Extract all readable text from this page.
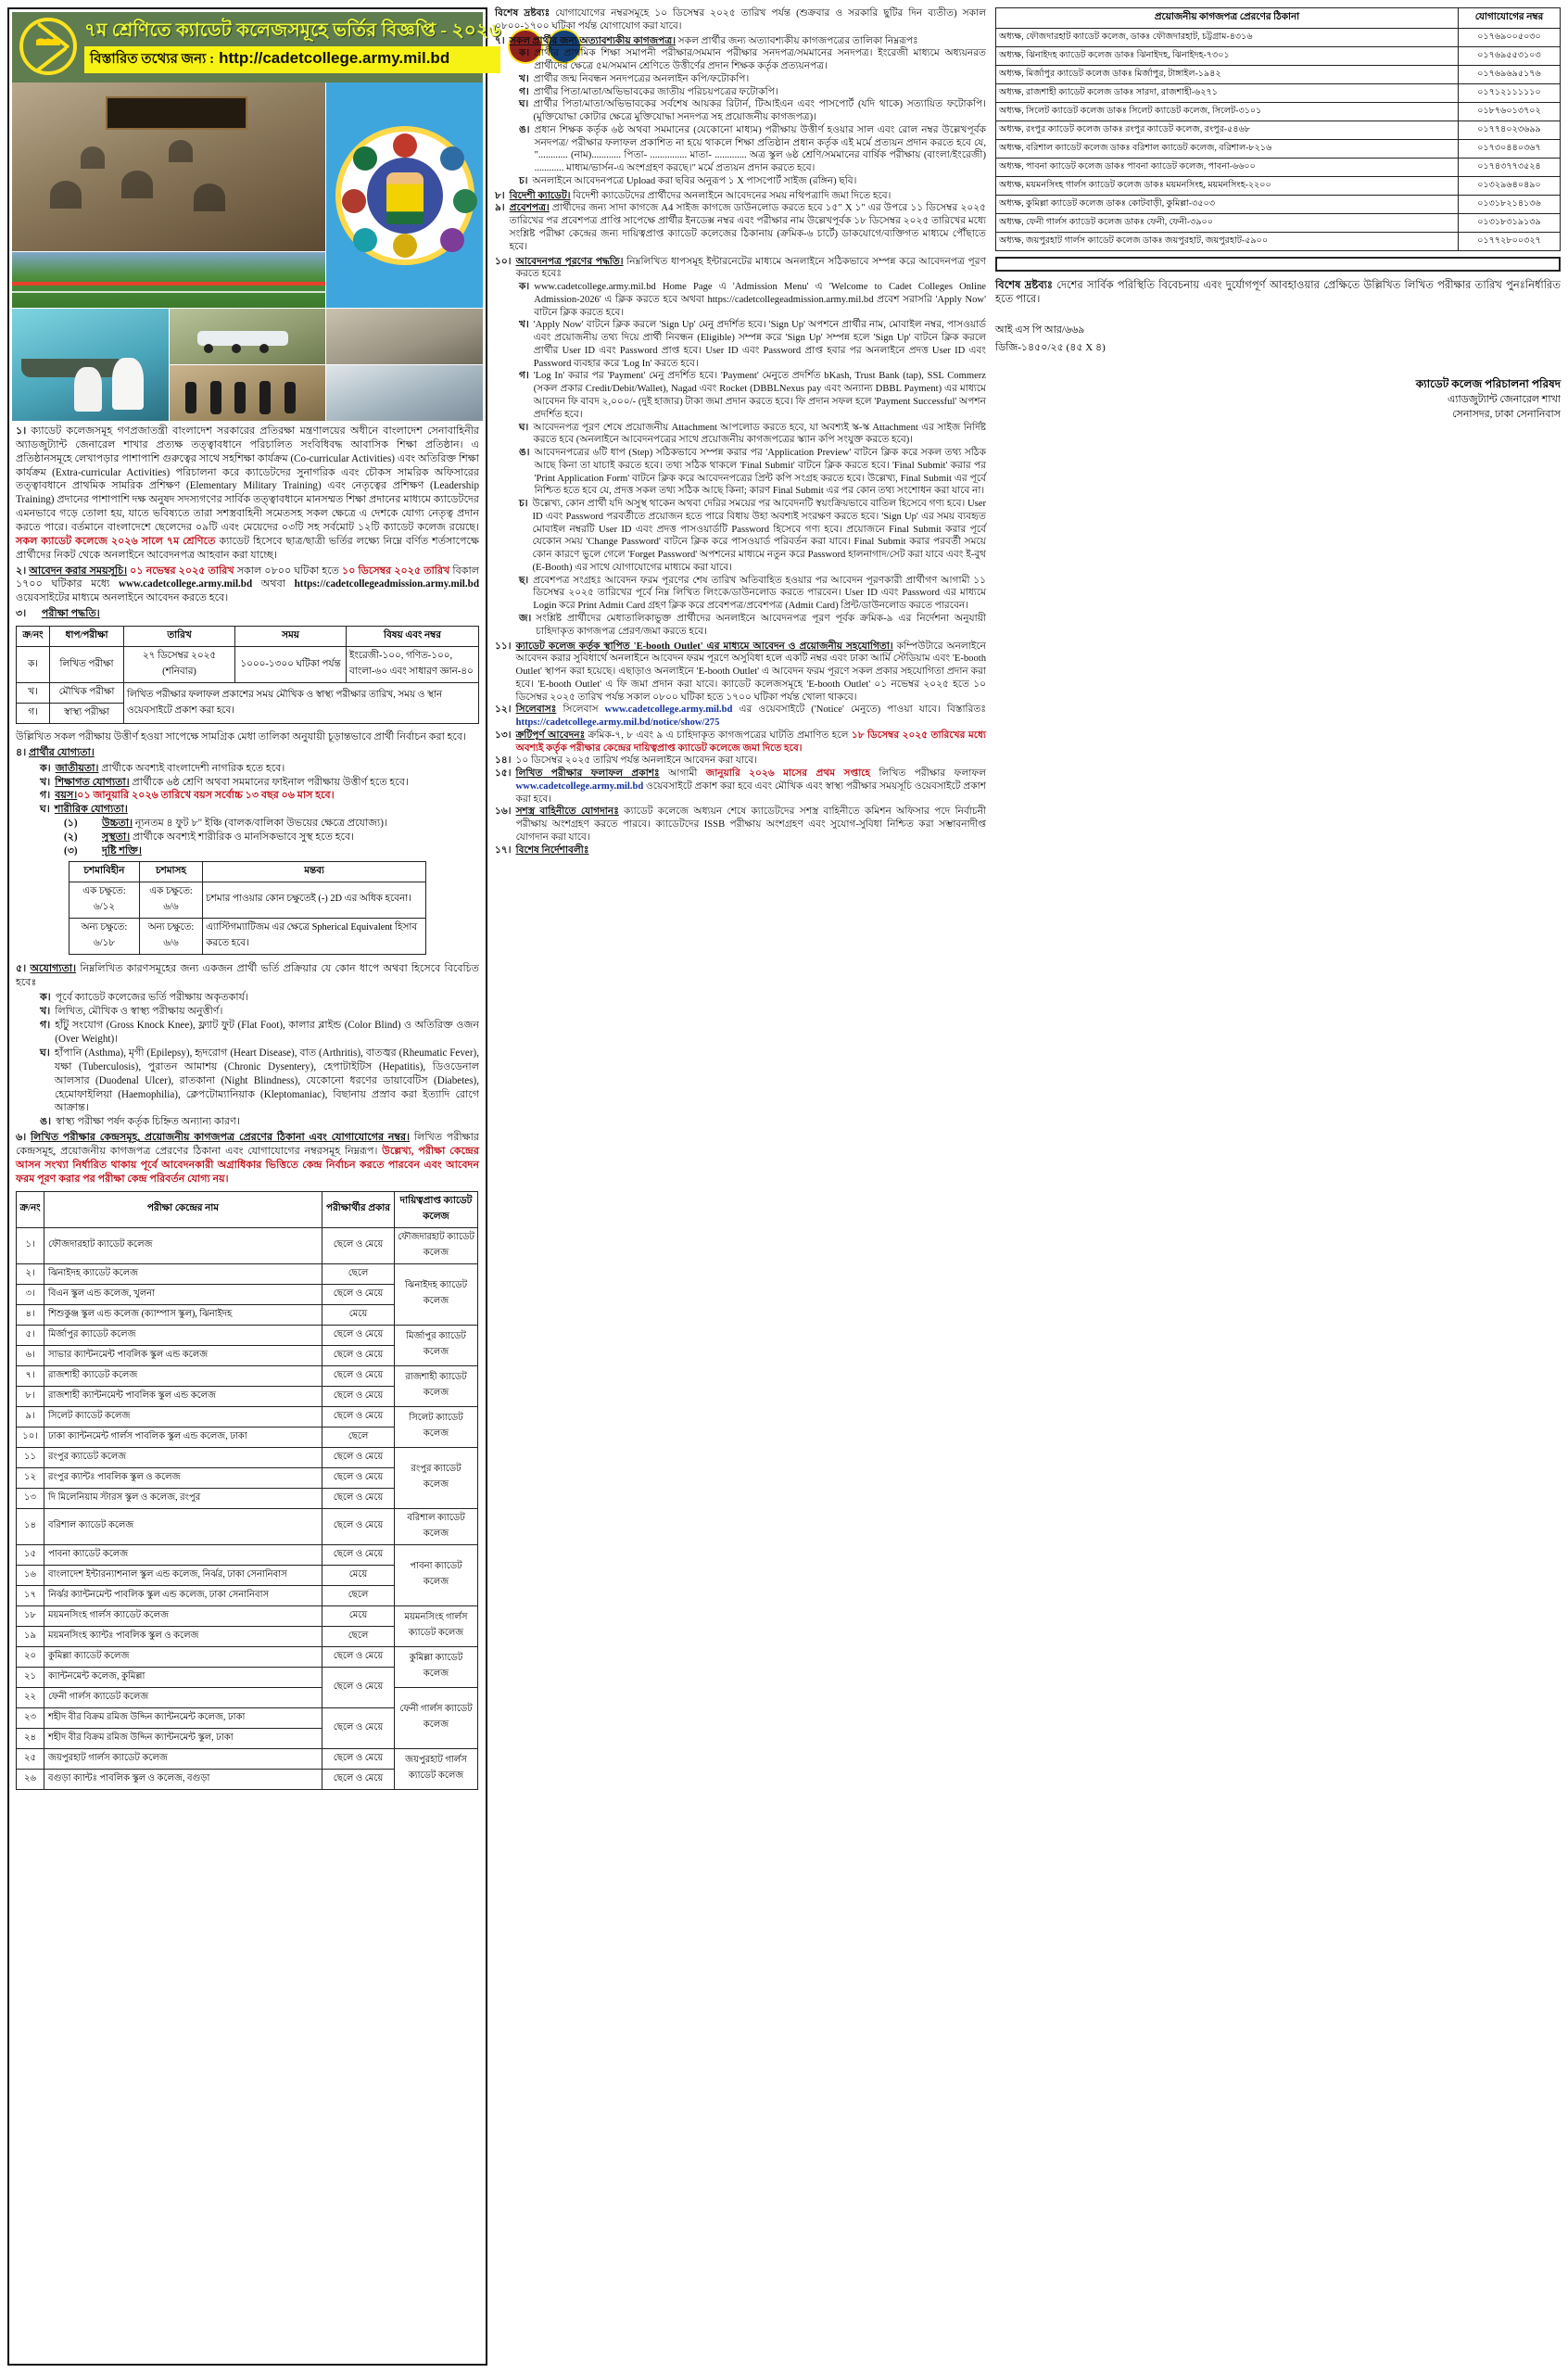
৭ম শ্রেণিতে ক্যাডেট কলেজসমূহে ভর্তির বিজ্ঞপ্তি - ২০২৬
বিস্তারিত তথ্যের জন্য : http://cadetcollege.army.mil.bd

১। ক্যাডেট কলেজসমূহ গণপ্রজাতন্ত্রী বাংলাদেশ সরকারের প্রতিরক্ষা মন্ত্রণালয়ের অধীনে বাংলাদেশ সেনাবাহিনীর অ্যাডজুট্যান্ট জেনারেল শাখার প্রত্যক্ষ তত্ত্বাবধানে পরিচালিত সংবিধিবদ্ধ আবাসিক শিক্ষা প্রতিষ্ঠান। এ প্রতিষ্ঠানসমূহে লেখাপড়ার পাশাপাশি গুরুত্বের সাথে সহশিক্ষা কার্যক্রম (Co-curricular Activities) এবং অতিরিক্ত শিক্ষা কার্যক্রম (Extra-curricular Activities) পরিচালনা করে ক্যাডেটদের সুনাগরিক এবং চৌকস সামরিক অফিসারের তত্ত্বাবধানে প্রাথমিক সামরিক প্রশিক্ষণ (Elementary Military Training) এবং নেতৃত্বের প্রশিক্ষণ (Leadership Training) প্রদানের পাশাপাশি দক্ষ অনুষদ সদস্যগণের সার্বিক তত্ত্বাবধানে মানসম্মত শিক্ষা প্রদানের মাধ্যমে ক্যাডেটদের এমনভাবে গড়ে তোলা হয়, যাতে ভবিষ্যতে তারা সশস্ত্রবাহিনী সমেতসহ সকল ক্ষেত্রে এ দেশকে যোগ্য নেতৃত্ব প্রদান করতে পারে। বর্তমানে বাংলাদেশে ছেলেদের ০৯টি এবং মেয়েদের ০৩টি সহ সর্বমোট ১২টি ক্যাডেট কলেজ রয়েছে। সকল ক্যাডেট কলেজে ২০২৬ সালে ৭ম শ্রেণিতে ক্যাডেট হিসেবে ছাত্র/ছাত্রী ভর্তির লক্ষ্যে নিম্নে বর্ণিত শর্তসাপেক্ষে প্রার্থীদের নিকট থেকে অনলাইনে আবেদনপত্র আহবান করা যাচ্ছে।

২। আবেদন করার সময়সূচি। ০১ নভেম্বর ২০২৫ তারিখ সকাল ০৮০০ ঘটিকা হতে ১০ ডিসেম্বর ২০২৫ তারিখ বিকাল ১৭০০ ঘটিকার মধ্যে www.cadetcollege.army.mil.bd অথবা https://cadetcollegeadmission.army.mil.bd ওয়েবসাইটের মাধ্যমে অনলাইনে আবেদন করতে হবে।

৩। পরীক্ষা পদ্ধতি।

ক্র/নং	ধাপ/পরীক্ষা	তারিখ	সময়	বিষয় এবং নম্বর
ক।	লিখিত পরীক্ষা	২৭ ডিসেম্বর ২০২৫ (শনিবার)	১০০০-১৩০০ ঘটিকা পর্যন্ত	ইংরেজী-১০০, গণিত-১০০, বাংলা-৬০ এবং সাধারণ জ্ঞান-৪০
খ।	মৌখিক পরীক্ষা	লিখিত পরীক্ষার ফলাফল প্রকাশের সময় মৌখিক ও স্বাস্থ্য পরীক্ষার তারিখ, সময় ও স্থান ওয়েবসাইটে প্রকাশ করা হবে।		
গ।	স্বাস্থ্য পরীক্ষা			

উল্লিখিত সকল পরীক্ষায় উত্তীর্ণ হওয়া সাপেক্ষে সামগ্রিক মেধা তালিকা অনুযায়ী চূড়ান্তভাবে প্রার্থী নির্বাচন করা হবে।

৪। প্রার্থীর যোগ্যতা।

ক। জাতীয়তা। প্রার্থীকে অবশ্যই বাংলাদেশী নাগরিক হতে হবে।
খ। শিক্ষাগত যোগ্যতা। প্রার্থীকে ৬ষ্ঠ শ্রেণি অথবা সমমানের ফাইনাল পরীক্ষায় উত্তীর্ণ হতে হবে।
গ। বয়স।০১ জানুয়ারি ২০২৬ তারিখে বয়স সর্বোচ্চ ১৩ বছর ০৬ মাস হবে।
ঘ। শারীরিক যোগ্যতা।
(১)	উচ্চতা। ন্যূনতম ৪ ফুট ৮" ইঞ্চি (বালক/বালিকা উভয়ের ক্ষেত্রে প্রযোজ্য)।
(২)	সুস্থতা। প্রার্থীকে অবশ্যই শারীরিক ও মানসিকভাবে সুস্থ হতে হবে।
(৩)	দৃষ্টি শক্তি।
চশমাবিহীন	চশমাসহ	মন্তব্য
এক চক্ষুতে: ৬/১২	এক চক্ষুতে: ৬/৬	চশমার পাওয়ার কোন চক্ষুতেই (-) 2D এর অধিক হবেনা।
অন্য চক্ষুতে: ৬/১৮	অন্য চক্ষুতে: ৬/৬	এ্যাস্টিগম্যাটিজম এর ক্ষেত্রে Spherical Equivalent হিসাব করতে হবে।

৫। অযোগ্যতা। নিম্নলিখিত কারণসমূহের জন্য একজন প্রার্থী ভর্তি প্রক্রিয়ার যে কোন ধাপে অথবা হিসেবে বিবেচিত হবেঃ

ক। পূর্বে ক্যাডেট কলেজের ভর্তি পরীক্ষায় অকৃতকার্য।
খ। লিখিত, মৌখিক ও স্বাস্থ্য পরীক্ষায় অনুত্তীর্ণ।
গ। হাঁটু সংযোগ (Gross Knock Knee), ফ্ল্যাট ফুট (Flat Foot), কালার ব্লাইন্ড (Color Blind) ও অতিরিক্ত ওজন (Over Weight)।
ঘ। হাঁপানি (Asthma), মৃগী (Epilepsy), হৃদরোগ (Heart Disease), বাত (Arthritis), বাতজ্বর (Rheumatic Fever), যক্ষা (Tuberculosis), পুরাতন আমাশয় (Chronic Dysentery), হেপাটাইটিস (Hepatitis), ডিওডেনাল আলসার (Duodenal Ulcer), রাতকানা (Night Blindness), যেকোনো ধরণের ডায়াবেটিস (Diabetes), হেমোফাইলিয়া (Haemophilia), ক্লেপটোম্যানিয়াক (Kleptomaniac), বিছানায় প্রস্রাব করা ইত্যাদি রোগে আক্রান্ত।
ঙ। স্বাস্থ্য পরীক্ষা পর্ষদ কর্তৃক চিহ্নিত অন্যান্য কারণ।

৬। লিখিত পরীক্ষার কেন্দ্রসমূহ, প্রয়োজনীয় কাগজপত্র প্রেরণের ঠিকানা এবং যোগাযোগের নম্বর। লিখিত পরীক্ষার কেন্দ্রসমূহ, প্রয়োজনীয় কাগজপত্র প্রেরণের ঠিকানা এবং যোগাযোগের নম্বরসমূহ নিম্নরূপ। উল্লেখ্য, পরীক্ষা কেন্দ্রের আসন সংখ্যা নির্ধারিত থাকায় পূর্বে আবেদনকারী অগ্রাধিকার ভিত্তিতে কেন্দ্র নির্বাচন করতে পারবেন এবং আবেদন ফরম পূরণ করার পর পরীক্ষা কেন্দ্র পরিবর্তন যোগ্য নয়।

ক্র/নং	পরীক্ষা কেন্দ্রের নাম	পরীক্ষার্থীর প্রকার	দায়িত্বপ্রাপ্ত ক্যাডেট কলেজ	
১।	ফৌজদারহাট ক্যাডেট কলেজ	ছেলে ও মেয়ে	ফৌজদারহাট ক্যাডেট কলেজ	
২।	ঝিনাইদহ ক্যাডেট কলেজ	ছেলে	ঝিনাইদহ ক্যাডেট কলেজ	
৩।	বিএন স্কুল এন্ড কলেজ, খুলনা	ছেলে ও মেয়ে		
৪।	শিশুকুঞ্জ স্কুল এন্ড কলেজ (ক্যাম্পাস স্কুল), ঝিনাইদহ	মেয়ে		
৫।	মির্জাপুর ক্যাডেট কলেজ	ছেলে ও মেয়ে	মির্জাপুর ক্যাডেট কলেজ	
৬।	সাভার ক্যান্টনমেন্ট পাবলিক স্কুল এন্ড কলেজ	ছেলে ও মেয়ে		
৭।	রাজশাহী ক্যাডেট কলেজ	ছেলে ও মেয়ে	রাজশাহী ক্যাডেট কলেজ	
৮।	রাজশাহী ক্যান্টনমেন্ট পাবলিক স্কুল এন্ড কলেজ	ছেলে ও মেয়ে		
৯।	সিলেট ক্যাডেট কলেজ	ছেলে ও মেয়ে	সিলেট ক্যাডেট কলেজ	
১০।	ঢাকা ক্যান্টনমেন্ট গার্লস পাবলিক স্কুল এন্ড কলেজ, ঢাকা	ছেলে		
১১	রংপুর ক্যাডেট কলেজ	ছেলে ও মেয়ে	রংপুর ক্যাডেট কলেজ	
১২	রংপুর ক্যান্টঃ পাবলিক স্কুল ও কলেজ	ছেলে ও মেয়ে		
১৩	দি মিলেনিয়াম স্টারস স্কুল ও কলেজ, রংপুর	ছেলে ও মেয়ে		
১৪	বরিশাল ক্যাডেট কলেজ	ছেলে ও মেয়ে	বরিশাল ক্যাডেট কলেজ	
১৫	পাবনা ক্যাডেট কলেজ	ছেলে ও মেয়ে	পাবনা ক্যাডেট কলেজ	
১৬	বাংলাদেশ ইন্টারন্যাশনাল স্কুল এন্ড কলেজ, নির্ঝর, ঢাকা সেনানিবাস	মেয়ে		
১৭	নির্ঝর ক্যান্টনমেন্ট পাবলিক স্কুল এন্ড কলেজ, ঢাকা সেনানিবাস	ছেলে		
১৮	ময়মনসিংহ গার্লস ক্যাডেট কলেজ	মেয়ে	ময়মনসিংহ গার্লস ক্যাডেট কলেজ	
১৯	ময়মনসিংহ ক্যান্টঃ পাবলিক স্কুল ও কলেজ	ছেলে		
২০	কুমিল্লা ক্যাডেট কলেজ	ছেলে ও মেয়ে	কুমিল্লা ক্যাডেট কলেজ	
২১	ক্যান্টনমেন্ট কলেজ, কুমিল্লা	ছেলে ও মেয়ে		
২২	ফেনী গার্লস ক্যাডেট কলেজ		ফেনী গার্লস ক্যাডেট কলেজ	
২৩	শহীদ বীর বিক্রম রমিজ উদ্দিন ক্যান্টনমেন্ট কলেজ, ঢাকা	ছেলে ও মেয়ে		
২৪	শহীদ বীর বিক্রম রমিজ উদ্দিন ক্যান্টনমেন্ট স্কুল, ঢাকা			
২৫	জয়পুরহাট গার্লস ক্যাডেট কলেজ	ছেলে ও মেয়ে	জয়পুরহাট গার্লস ক্যাডেট কলেজ	
২৬	বগুড়া ক্যান্টঃ পাবলিক স্কুল ও কলেজ, বগুড়া	ছেলে ও মেয়ে		

বিশেষ দ্রষ্টব্যঃ যোগাযোগের নম্বরসমূহে ১০ ডিসেম্বর ২০২৫ তারিখ পর্যন্ত (শুক্রবার ও সরকারি ছুটির দিন ব্যতীত) সকাল ০৮০০-১৭০০ ঘটিকা পর্যন্ত যোগাযোগ করা যাবে।

৭। সকল প্রার্থীর জন্য অত্যাবশ্যকীয় কাগজপত্র। সকল প্রার্থীর জন্য অত্যাবশ্যকীয় কাগজপত্রের তালিকা নিম্নরূপঃ
ক। প্রার্থীর প্রাথমিক শিক্ষা সমাপনী পরীক্ষার/সমমান পরীক্ষার সনদপত্র/সমমানের সনদপত্র। ইংরেজী মাধ্যমে অধ্যয়নরত প্রার্থীদের ক্ষেত্রে ৫ম/সমমান শ্রেণিতে উত্তীর্ণের প্রদান শিক্ষক কর্তৃক প্রত্যয়নপত্র।
খ। প্রার্থীর জন্ম নিবন্ধন সনদপত্রের অনলাইন কপি/ফটোকপি।
গ। প্রার্থীর পিতা/মাতা/অভিভাবকের জাতীয় পরিচয়পত্রের ফটোকপি।
ঘ। প্রার্থীর পিতা/মাতা/অভিভাবকের সর্বশেষ আয়কর রিটার্ন, টিআইএন এবং পাসপোর্ট (যদি থাকে) সত্যায়িত ফটোকপি। (মুক্তিযোদ্ধা কোটার ক্ষেত্রে মুক্তিযোদ্ধা সনদপত্র সহ প্রয়োজনীয় কাগজপত্র)।
ঙ। প্রধান শিক্ষক কর্তৃক ৬ষ্ঠ অথবা সমমানের (যেকোনো মাধ্যম) পরীক্ষায় উত্তীর্ণ হওয়ার সাল এবং রোল নম্বর উল্লেখপূর্বক সনদপত্র/ পরীক্ষার ফলাফল প্রকাশিত না হয়ে থাকলে শিক্ষা প্রতিষ্ঠান প্রধান কর্তৃক এই মর্মে প্রত্যয়ন প্রদান করতে হবে যে, "............ (নাম)............ পিতা- ............... মাতা- ............. অত্র স্কুল ৬ষ্ঠ শ্রেণি/সমমানের বার্ষিক পরীক্ষায় (বাংলা/ইংরেজী) ............ মাধ্যম/ভার্সন-এ অংশগ্রহণ করছে।" মর্মে প্রত্যয়ন প্রদান করতে হবে।
চ। অনলাইনে আবেদনপত্রে Upload করা ছবির অনুরূপ ১ X পাসপোর্ট সাইজ (রঙ্গিন) ছবি।
৮। বিদেশী ক্যাডেট। বিদেশী ক্যাডেটদের প্রার্থীদের অনলাইনে আবেদনের সময় নথিপত্রাদি জমা দিতে হবে।
৯। প্রবেশপত্র। প্রার্থীদের জন্য সাদা কাগজে A4 সাইজ কাগজে ডাউনলোড করতে হবে ১৫" X ১" এর উপরে ১১ ডিসেম্বর ২০২৫ তারিখের পর প্রবেশপত্র প্রাপ্তি সাপেক্ষে প্রার্থীর ইনডেক্স নম্বর এবং পরীক্ষার নাম উল্লেখপূর্বক ১৮ ডিসেম্বর ২০২৫ তারিখের মধ্যে সংশ্লিষ্ট পরীক্ষা কেন্দ্রের জন্য দায়িত্বপ্রাপ্ত ক্যাডেট কলেজের ঠিকানায় (ক্রমিক-৬ চার্টে) ডাকযোগে/ব্যক্তিগত মাধ্যমে পৌঁছাতে হবে।
১০। আবেদনপত্র পূরণের পদ্ধতি। নিম্নলিখিত ধাপসমূহ ইন্টারনেটের মাধ্যমে অনলাইনে সঠিকভাবে সম্পন্ন করে আবেদনপত্র পূরণ করতে হবেঃ
ক। www.cadetcollege.army.mil.bd Home Page এ 'Admission Menu' এ 'Welcome to Cadet Colleges Online Admission-2026' এ ক্লিক করতে হবে অথবা https://cadetcollegeadmission.army.mil.bd প্রবেশ সরাসরি 'Apply Now' বাটনে ক্লিক করতে হবে।
খ। 'Apply Now' বাটনে ক্লিক করলে 'Sign Up' মেনু প্রদর্শিত হবে। 'Sign Up' অপশনে প্রার্থীর নাম, মোবাইল নম্বর, পাসওয়ার্ড এবং প্রয়োজনীয় তথ্য দিয়ে প্রার্থী নিবন্ধন (Eligible) সম্পন্ন করে 'Sign Up' সম্পন্ন হলে 'Sign Up' বাটনে ক্লিক করলে প্রার্থীর User ID এবং Password প্রাপ্ত হবে। User ID এবং Password প্রাপ্ত হবার পর অনলাইনে প্রদত্ত User ID এবং Password ব্যবহার করে 'Log In' করতে হবে।
গ। 'Log In' করার পর 'Payment' মেনু প্রদর্শিত হবে। 'Payment' মেনুতে প্রদর্শিত bKash, Trust Bank (tap), SSL Commerz (সকল প্রকার Credit/Debit/Wallet), Nagad এবং Rocket (DBBLNexus pay এবং অন্যান্য DBBL Payment) এর মাধ্যমে আবেদন ফি বাবদ ২,০০০/- (দুই হাজার) টাকা জমা প্রদান করতে হবে। ফি প্রদান সফল হলে 'Payment Successful' অপশন প্রদর্শিত হবে।
ঘ। আবেদনপত্র পূরণ শেষে প্রয়োজনীয় Attachment আপলোড করতে হবে, যা অবশ্যই স্ক-স্ক Attachment এর সাইজ নির্দিষ্ট করতে হবে (অনলাইনে আবেদনপত্রের সাথে প্রয়োজনীয় কাগজপত্রের স্ক্যান কপি সংযুক্ত করতে হবে)।
ঙ। আবেদনপত্রের ৬টি ধাপ (Step) সঠিকভাবে সম্পন্ন করার পর 'Application Preview' বাটনে ক্লিক করে সকল তথ্য সঠিক আছে কিনা তা যাচাই করতে হবে। তথ্য সঠিক থাকলে 'Final Submit' বাটনে ক্লিক করতে হবে। 'Final Submit' করার পর 'Print Application Form' বাটনে ক্লিক করে আবেদনপত্রের প্রিন্ট কপি সংগ্রহ করতে হবে। উল্লেখ্য, Final Submit এর পূর্বে নিশ্চিত হতে হবে যে, প্রদত্ত সকল তথ্য সঠিক আছে কিনা; কারণ Final Submit এর পর কোন তথ্য সংশোধন করা যাবে না।
চ। উল্লেখ্য, কোন প্রার্থী যদি অসুস্থ থাকেন অথবা দেরির সময়ের পর আবেদনটি স্বয়ংক্রিয়ভাবে বাতিল হিসেবে গণ্য হবে। User ID এবং Password পরবর্তীতে প্রয়োজন হতে পারে বিধায় উহা অবশ্যই সংরক্ষণ করতে হবে। 'Sign Up' এর সময় ব্যবহৃত মোবাইল নম্বরটি User ID এবং প্রদত্ত পাসওয়ার্ডটি Password হিসেবে গণ্য হবে। প্রয়োজনে Final Submit করার পূর্বে যেকোন সময় 'Change Password' বাটনে ক্লিক করে পাসওয়ার্ড পরিবর্তন করা যাবে। Final Submit করার পরবর্তী সময়ে কোন কারণে ভুলে গেলে 'Forget Password' অপশনের মাধ্যমে নতুন করে Password হালনাগাদ/সেট করা যাবে এবং ই-বুথ (E-Booth) এর সাথে যোগাযোগের মাধ্যমে করা যাবে।
ছ। প্রবেশপত্র সংগ্রহঃ আবেদন ফরম পূরণের শেষ তারিখ অতিবাহিত হওয়ার পর আবেদন পূরণকারী প্রার্থীগণ আগামী ১১ ডিসেম্বর ২০২৫ তারিখের পূর্বে নিম্ন লিখিত লিংকে/ডাউনলোড করতে পারবেন। User ID এবং Password এর মাধ্যমে Login করে Print Admit Card গ্রহণ ক্লিক করে প্রবেশপত্র/প্রবেশপত্র (Admit Card) প্রিন্ট/ডাউনলোড করতে পারবেন।
জ। সংশ্লিষ্ট প্রার্থীদের মেধাতালিকাভুক্ত প্রার্থীদের অনলাইনে আবেদনপত্র পূরণ পূর্বক ক্রমিক-৯ এর নির্দেশনা অনুযায়ী চাহিদাকৃত কাগজপত্র প্রেরণ/জমা করতে হবে।
১১। ক্যাডেট কলেজ কর্তৃক স্থাপিত 'E-booth Outlet' এর মাধ্যমে আবেদন ও প্রয়োজনীয় সহযোগিতা। কম্পিউটারে অনলাইনে আবেদন করার সুবিধার্থে অনলাইনে আবেদন ফরম পূরণে অসুবিধা হলে একটি নম্বর এবং ঢাকা আর্মি স্টেডিয়াম এবং 'E-booth Outlet' স্থাপন করা হয়েছে। এছাড়াও অনলাইনে 'E-booth Outlet' এ আবেদন ফরম পূরণে সকল প্রকার সহযোগিতা প্রদান করা হবে। 'E-booth Outlet' এ ফি জমা প্রদান করা যাবে। ক্যাডেট কলেজসমূহে 'E-booth Outlet' ০১ নভেম্বর ২০২৫ হতে ১০ ডিসেম্বর ২০২৫ তারিখ পর্যন্ত সকাল ০৮০০ ঘটিকা হতে ১৭০০ ঘটিকা পর্যন্ত খোলা থাকবে।
১২। সিলেবাসঃ সিলেবাস www.cadetcollege.army.mil.bd এর ওয়েবসাইটে ('Notice' মেনুতে) পাওয়া যাবে। বিস্তারিতঃ https://cadetcollege.army.mil.bd/notice/show/275
১৩। ক্রটিপূর্ণ আবেদনঃ ক্রমিক-৭, ৮ এবং ৯ এ চাহিদাকৃত কাগজপত্রের ঘাটতি প্রমাণিত হলে ১৮ ডিসেম্বর ২০২৫ তারিখের মধ্যে অবশ্যই কর্তৃক পরীক্ষার কেন্দ্রের দায়িত্বপ্রাপ্ত ক্যাডেট কলেজে জমা দিতে হবে।
১৪। ১০ ডিসেম্বর ২০২৫ তারিখ পর্যন্ত অনলাইনে আবেদন করা যাবে।
১৫। লিখিত পরীক্ষার ফলাফল প্রকাশঃ আগামী জানুয়ারি ২০২৬ মাসের প্রথম সপ্তাহে লিখিত পরীক্ষার ফলাফল www.cadetcollege.army.mil.bd ওয়েবসাইটে প্রকাশ করা হবে এবং মৌখিক এবং স্বাস্থ্য পরীক্ষার সময়সূচি ওয়েবসাইটে প্রকাশ করা হবে।
১৬। সশস্ত্র বাহিনীতে যোগদানঃ ক্যাডেট কলেজে অধ্যয়ন শেষে ক্যাডেটদের সশস্ত্র বাহিনীতে কমিশন অফিসার পদে নির্বাচনী পরীক্ষায় অংশগ্রহণ করতে পারবে। ক্যাডেটদের ISSB পরীক্ষায় অংশগ্রহণ এবং সুযোগ-সুবিধা নিশ্চিত করা সম্ভাবনাদীপ্ত যোগদান করা যাবে।
১৭। বিশেষ নির্দেশাবলীঃ
প্রয়োজনীয় কাগজপত্র প্রেরণের ঠিকানা	যোগাযোগের নম্বর
অধ্যক্ষ, ফৌজদারহাট ক্যাডেট কলেজ, ডাকঃ ফৌজদারহাট, চট্টগ্রাম-৪৩১৬	০১৭৬৯০০৫০৩০
অধ্যক্ষ, ঝিনাইদহ ক্যাডেট কলেজ ডাকঃ ঝিনাইদহ, ঝিনাইদহ-৭৩০১	০১৭৬৯৫৫৩১০৩
অধ্যক্ষ, মির্জাপুর ক্যাডেট কলেজ ডাকঃ মির্জাপুর, টাঙ্গাইল-১৯৪২	০১৭৬৯৬৯৫১৭৬
অধ্যক্ষ, রাজশাহী ক্যাডেট কলেজ ডাকঃ সারদা, রাজশাহী-৬২৭১	০১৭১২১১১১১০
অধ্যক্ষ, সিলেট ক্যাডেট কলেজ ডাকঃ সিলেট ক্যাডেট কলেজ, সিলেট-৩১০১	০১৮৭৬০১৩৭০২
অধ্যক্ষ, রংপুর ক্যাডেট কলেজ ডাকঃ রংপুর ক্যাডেট কলেজ, রংপুর-৫৪৬৮	০১৭৭৪০২৩৬৯৯
অধ্যক্ষ, বরিশাল ক্যাডেট কলেজ ডাকঃ বরিশাল ক্যাডেট কলেজ, বরিশাল-৮২১৬	০১৭৩০৪৪০৩৬৭
অধ্যক্ষ, পাবনা ক্যাডেট কলেজ ডাকঃ পাবনা ক্যাডেট কলেজ, পাবনা-৬৬০০	০১৭৪৩৭৭৩৫২৪
অধ্যক্ষ, ময়মনসিংহ গার্লস ক্যাডেট কলেজ ডাকঃ ময়মনসিংহ, ময়মনসিংহ-২২০০	০১৩২৯৬৪০৪৯০
অধ্যক্ষ, কুমিল্লা ক্যাডেট কলেজ ডাকঃ কোটবাড়ী, কুমিল্লা-৩৫০৩	০১৩১৮২১৪১৩৬
অধ্যক্ষ, ফেনী গার্লস ক্যাডেট কলেজ ডাকঃ ফেনী, ফেনী-৩৯০০	০১৩১৮৩১৯১৩৯
অধ্যক্ষ, জয়পুরহাট গার্লস ক্যাডেট কলেজ ডাকঃ জয়পুরহাট, জয়পুরহাট-৫৯০০	০১৭৭২৮০০৩২৭
বিশেষ দ্রষ্টব্যঃ দেশের সার্বিক পরিস্থিতি বিবেচনায় এবং দুর্যোগপূর্ণ আবহাওয়ার প্রেক্ষিতে উল্লিখিত লিখিত পরীক্ষার তারিখ পুনঃনির্ধারিত হতে পারে।
আই এস পি আর/৬৬৯
ডিজি-১৪৫০/২৫ (৪৫ X ৪)
ক্যাডেট কলেজ পরিচালনা পরিষদ
এ্যাডজুট্যান্ট জেনারেল শাখা
সেনাসদর, ঢাকা সেনানিবাস
